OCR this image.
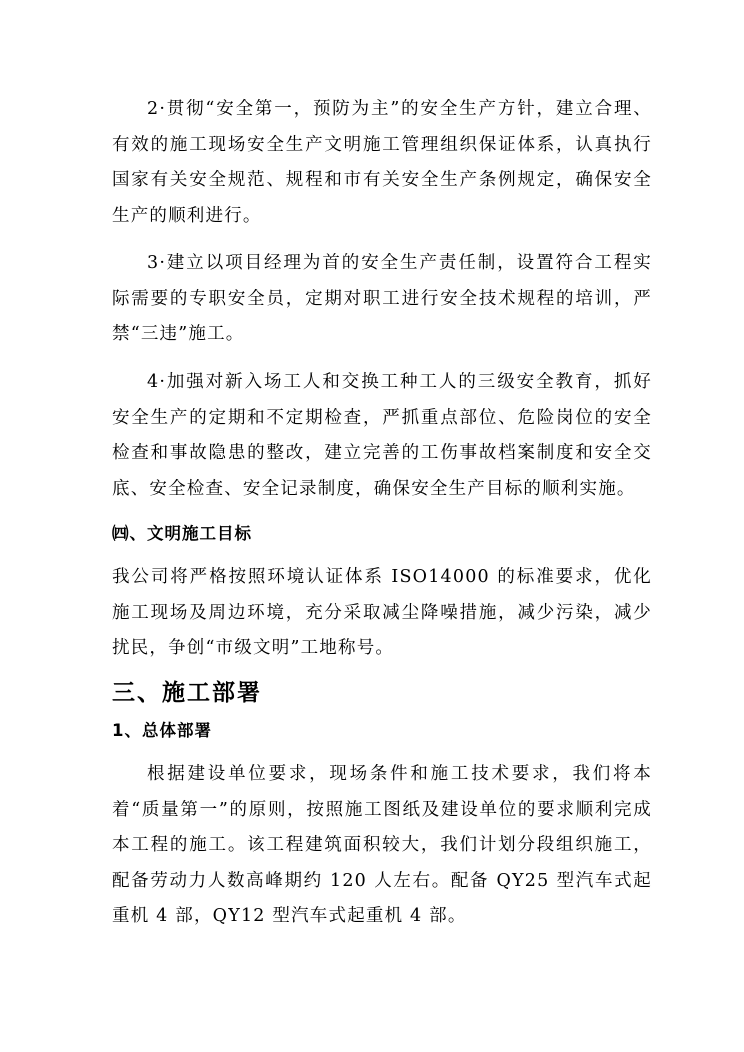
2·贯彻“安全第一，预防为主”的安全生产方针，建立合理、有效的施工现场安全生产文明施工管理组织保证体系，认真执行国家有关安全规范、规程和市有关安全生产条例规定，确保安全生产的顺利进行。

3·建立以项目经理为首的安全生产责任制，设置符合工程实际需要的专职安全员，定期对职工进行安全技术规程的培训，严禁“三违”施工。

4·加强对新入场工人和交换工种工人的三级安全教育，抓好安全生产的定期和不定期检查，严抓重点部位、危险岗位的安全检查和事故隐患的整改，建立完善的工伤事故档案制度和安全交底、安全检查、安全记录制度，确保安全生产目标的顺利实施。

㈣、文明施工目标

我公司将严格按照环境认证体系 ISO14000 的标准要求，优化施工现场及周边环境，充分采取减尘降噪措施，减少污染，减少扰民，争创“市级文明”工地称号。

三、施工部署
1、总体部署

根据建设单位要求，现场条件和施工技术要求，我们将本着“质量第一”的原则，按照施工图纸及建设单位的要求顺利完成本工程的施工。该工程建筑面积较大，我们计划分段组织施工，配备劳动力人数高峰期约 120 人左右。配备 QY25 型汽车式起重机 4 部，QY12 型汽车式起重机 4 部。
